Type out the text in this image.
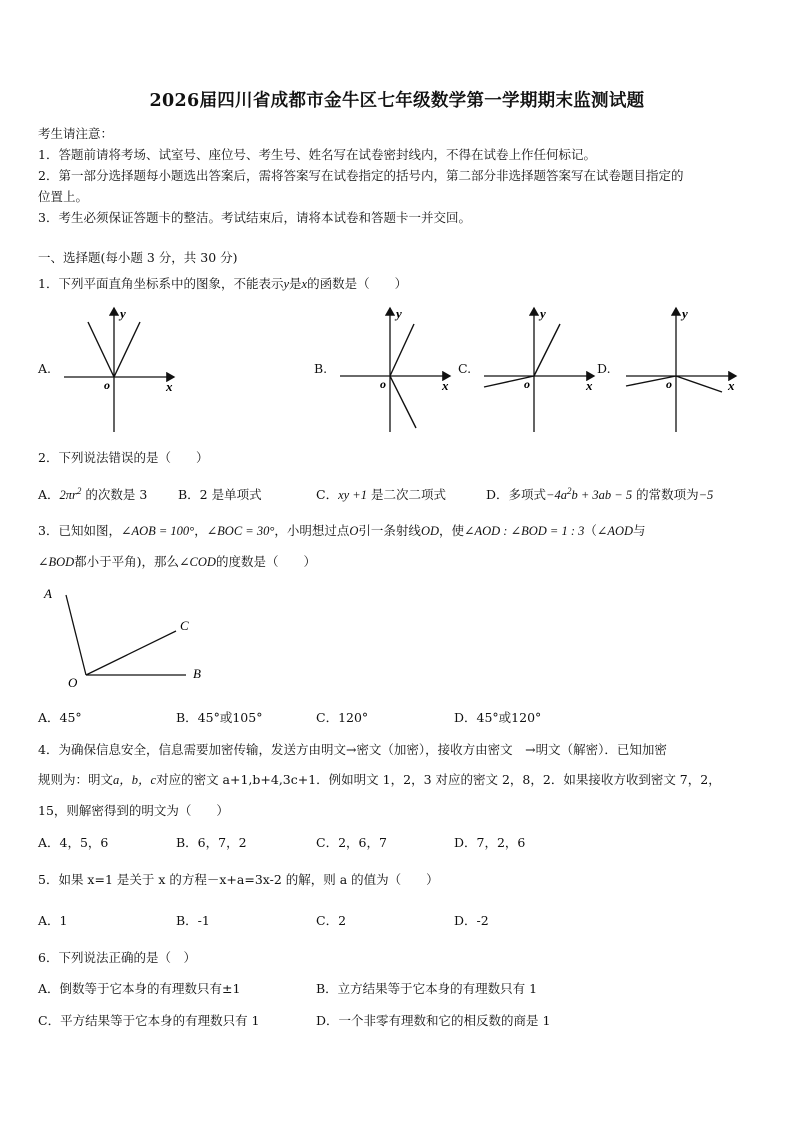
2026届四川省成都市金牛区七年级数学第一学期期末监测试题
考生请注意：
1．答题前请将考场、试室号、座位号、考生号、姓名写在试卷密封线内，不得在试卷上作任何标记。
2．第一部分选择题每小题选出答案后，需将答案写在试卷指定的括号内，第二部分非选择题答案写在试卷题目指定的
位置上。
3．考生必须保证答题卡的整洁。考试结束后，请将本试卷和答题卡一并交回。
一、选择题(每小题 3 分，共 30 分)
1．下列平面直角坐标系中的图象，不能表示y是x的函数是（　　）
A.	B.	C.	D.
y
x
o
y
x
o
y
x
o
y
x
o
2．下列说法错误的是（　　）
A．$2\pi r^2$ 的次数是 3 B．2 是单项式	C．xy +1 是二次二项式	D．多项式$-4a^2b + 3ab - 5$ 的常数项为−5
3．已知如图，∠AOB = 100°，∠BOC = 30°，小明想过点O引一条射线OD，使∠AOD : ∠BOD = 1 : 3（∠AOD与
∠BOD都小于平角)，那么∠COD的度数是（　　）
A
B
C
O
A．45°	B．45°或105°	C．120°	D．45°或120°
4．为确保信息安全，信息需要加密传输，发送方由明文→密文（加密），接收方由密文　→明文（解密）．已知加密
规则为：明文a，b，c对应的密文 a+1,b+4,3c+1．例如明文 1，2，3 对应的密文 2，8，2．如果接收方收到密文 7，2，
15，则解密得到的明文为（　　）
A．4，5，6	B．6，7，2	C．2，6，7	D．7，2，6
5．如果 x=1 是关于 x 的方程－x+a=3x-2 的解，则 a 的值为（　　）
A．1	B．-1	C．2	D．-2
6．下列说法正确的是（　）
A．倒数等于它本身的有理数只有±1	B．立方结果等于它本身的有理数只有 1
C．平方结果等于它本身的有理数只有 1	D．一个非零有理数和它的相反数的商是 1
